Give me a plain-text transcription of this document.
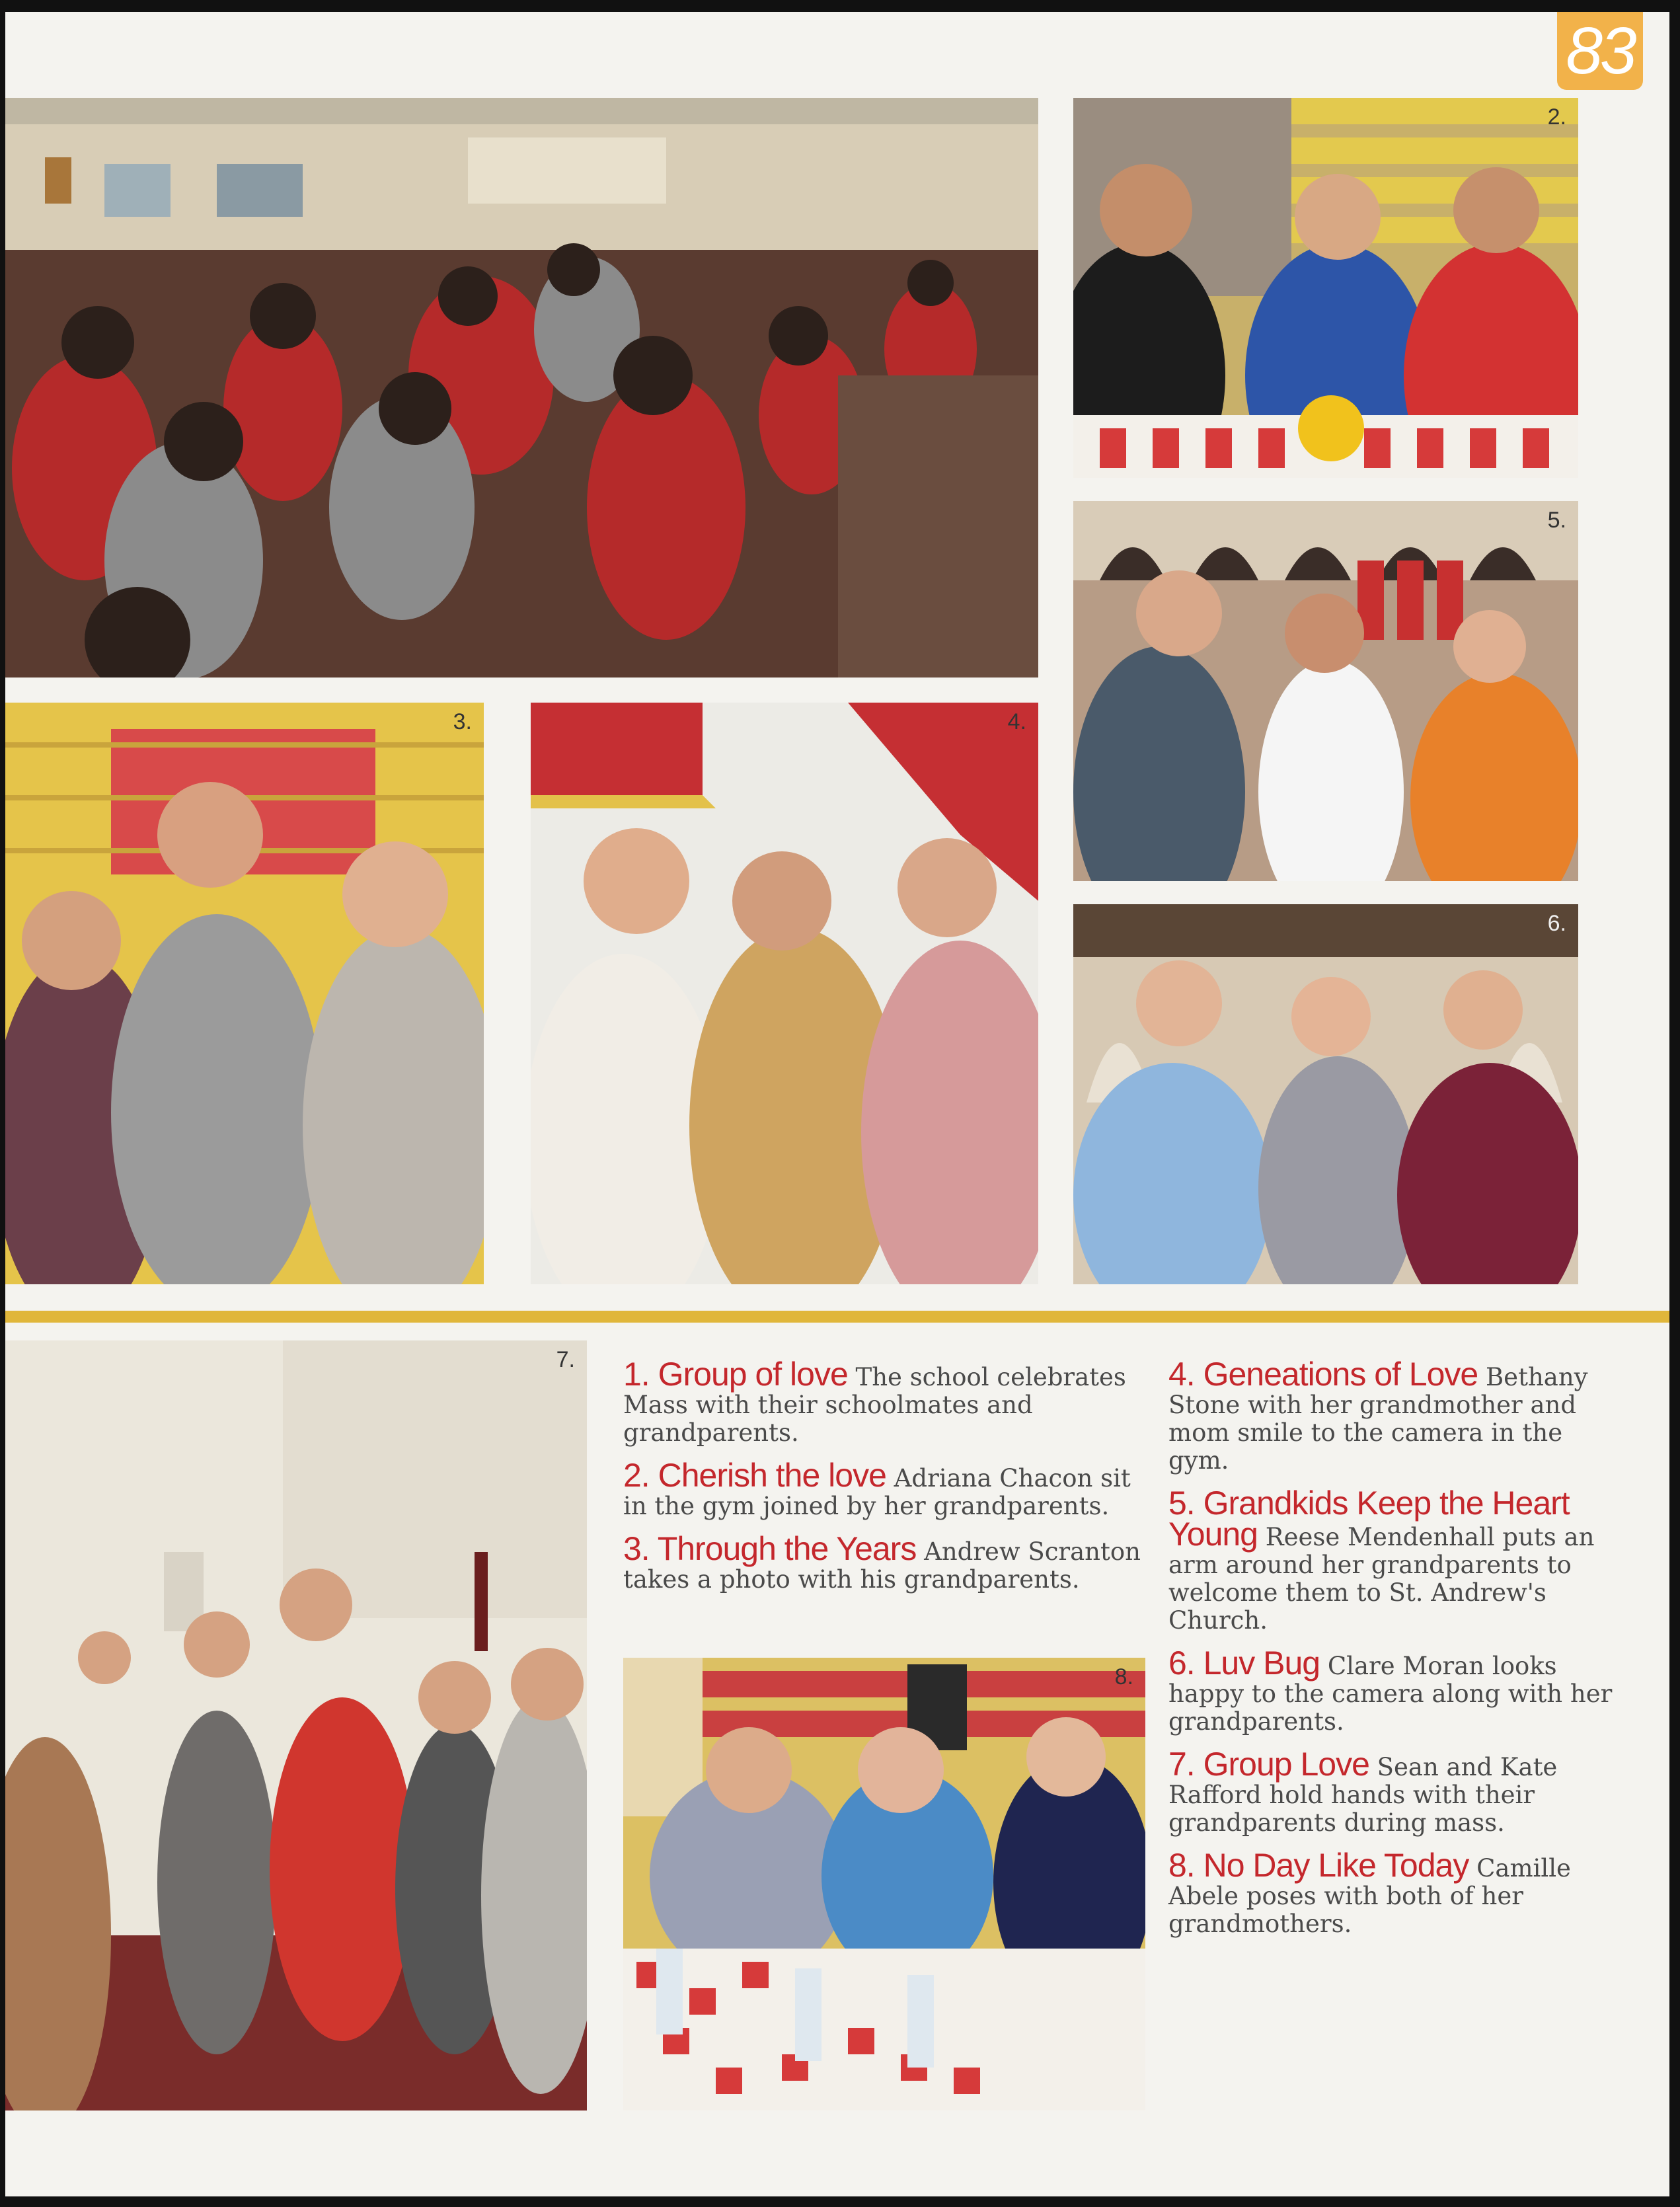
83
2.
5.
3.	4.
6.
7.
8.

1. Group of love The school celebrates Mass with their schoolmates and grandparents.

2. Cherish the love Adriana Chacon sit in the gym joined by her grandparents.

3. Through the Years Andrew Scranton takes a photo with his grandparents.

4. Geneations of Love Bethany Stone with her grandmother and mom smile to the camera in the gym.

5. Grandkids Keep the Heart Young Reese Mendenhall puts an arm around her grandparents to welcome them to St. Andrew's Church.

6. Luv Bug Clare Moran looks happy to the camera along with her grandparents.

7. Group Love Sean and Kate Rafford hold hands with their grandparents during mass.

8. No Day Like Today Camille Abele poses with both of her grandmothers.
